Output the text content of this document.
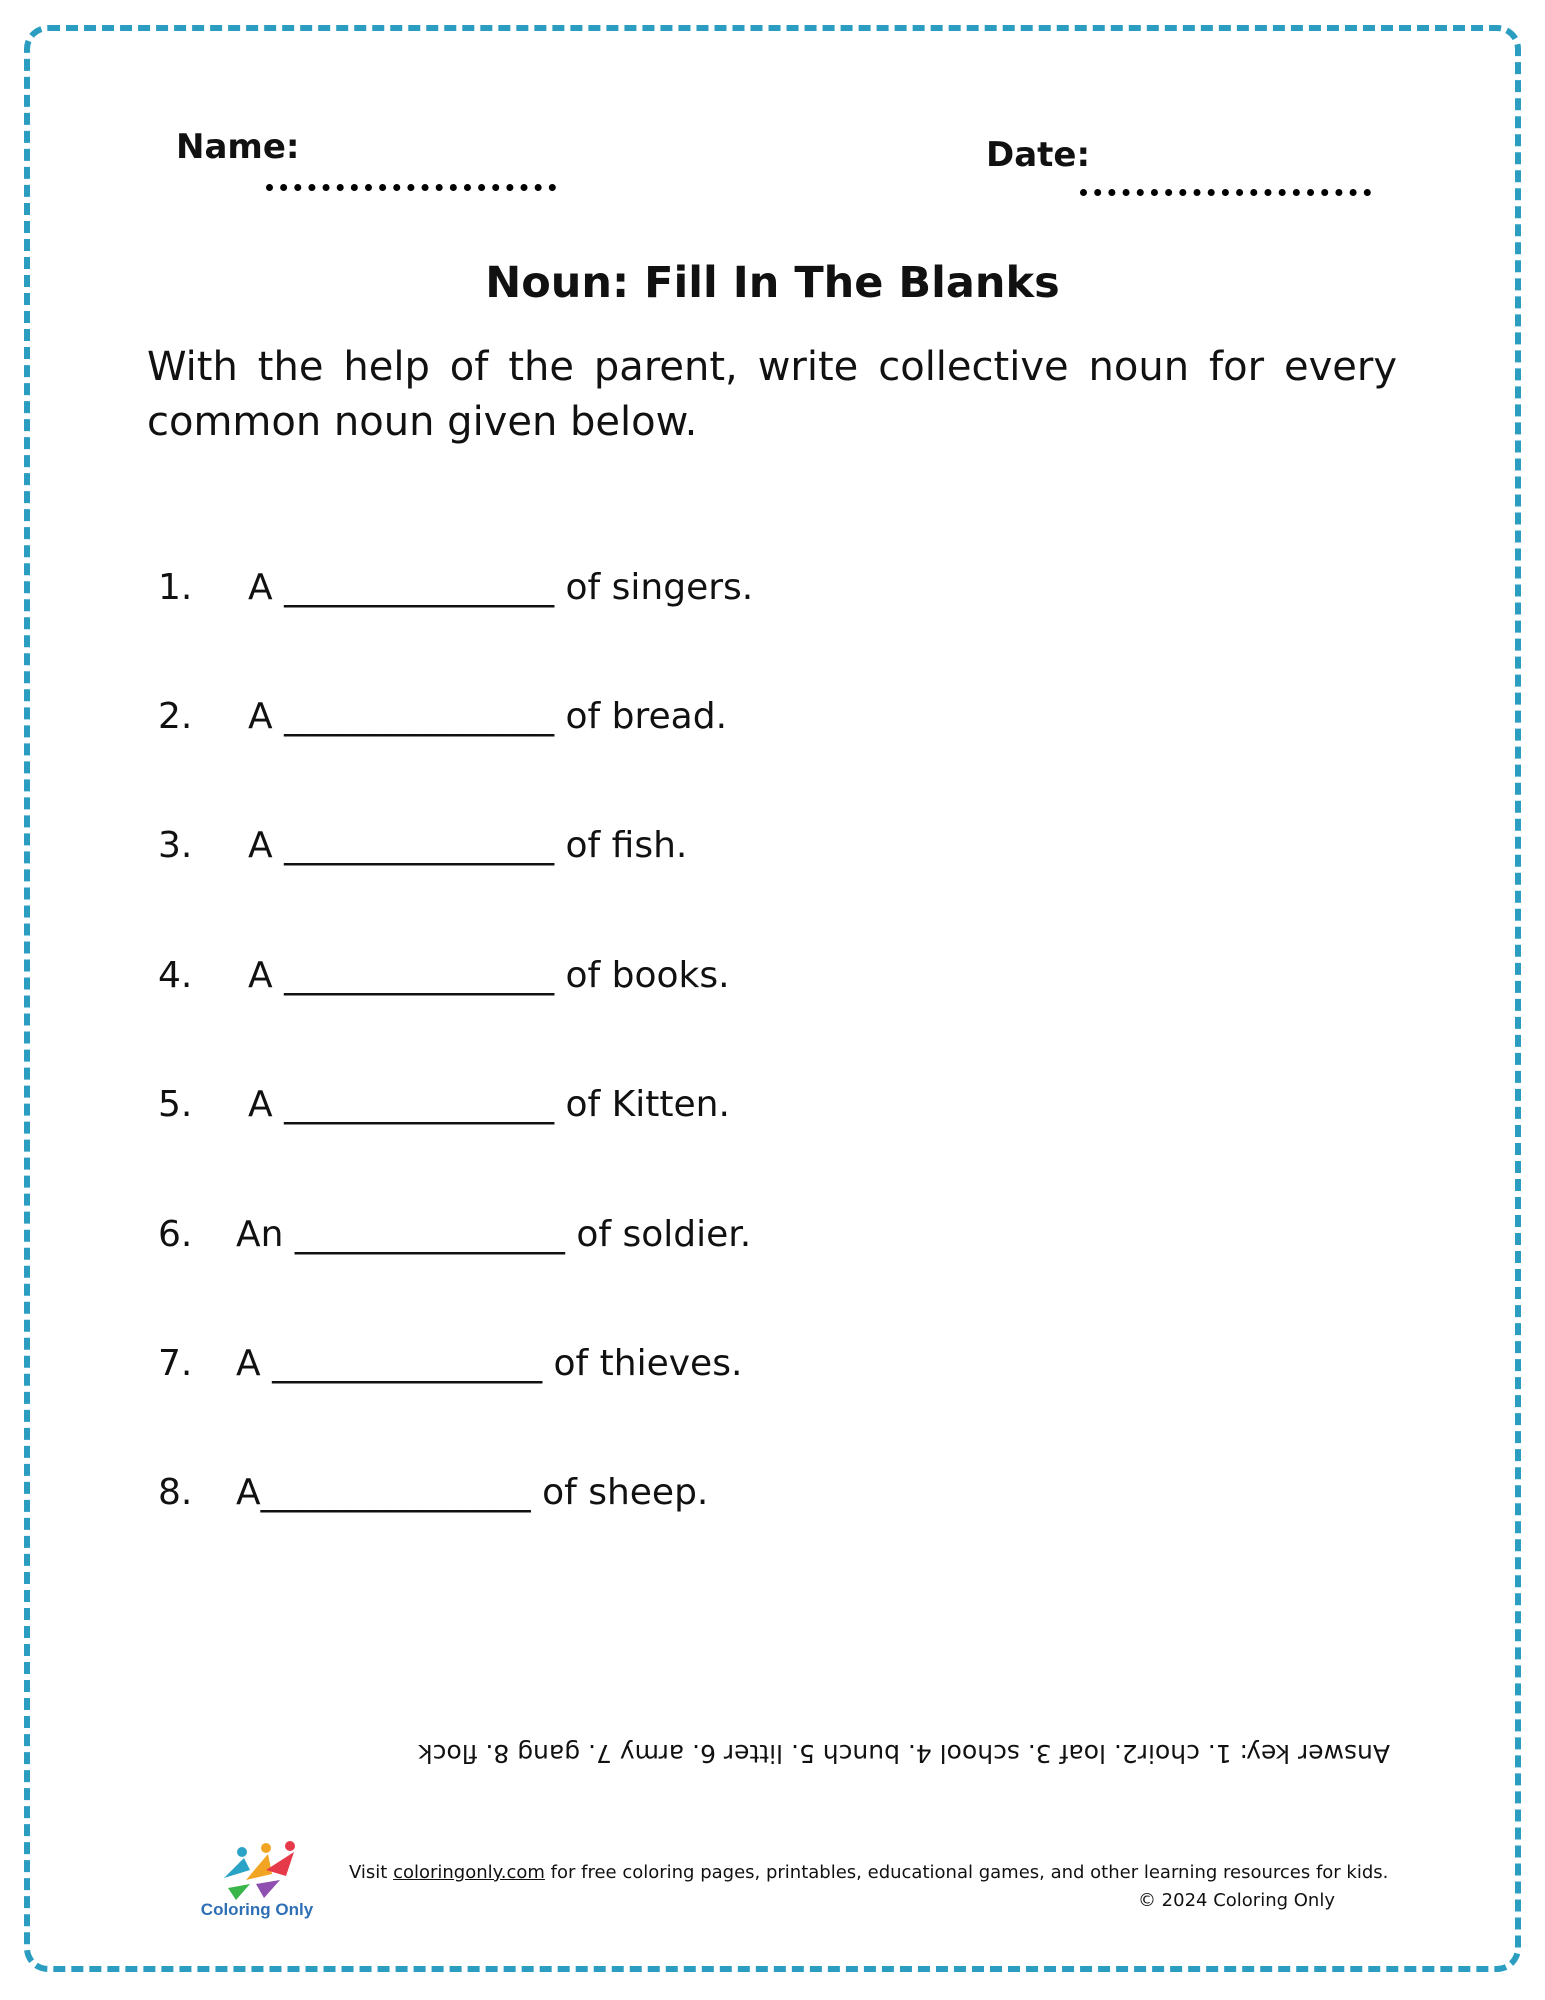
Name:	Date:
Noun: Fill In The Blanks
With the help of the parent, write collective noun for every common noun given below.
1. A _______________ of singers.
2. A _______________ of bread.
3. A _______________ of fish.
4. A _______________ of books.
5. A _______________ of Kitten.
6. An _______________ of soldier.
7. A _______________ of thieves.
8. A_______________ of sheep.
Answer key: 1. choir2. loaf 3. school 4. bunch 5. litter 6. army 7. gang 8. flock
Coloring Only
Visit coloringonly.com for free coloring pages, printables, educational games, and other learning resources for kids.
© 2024 Coloring Only
